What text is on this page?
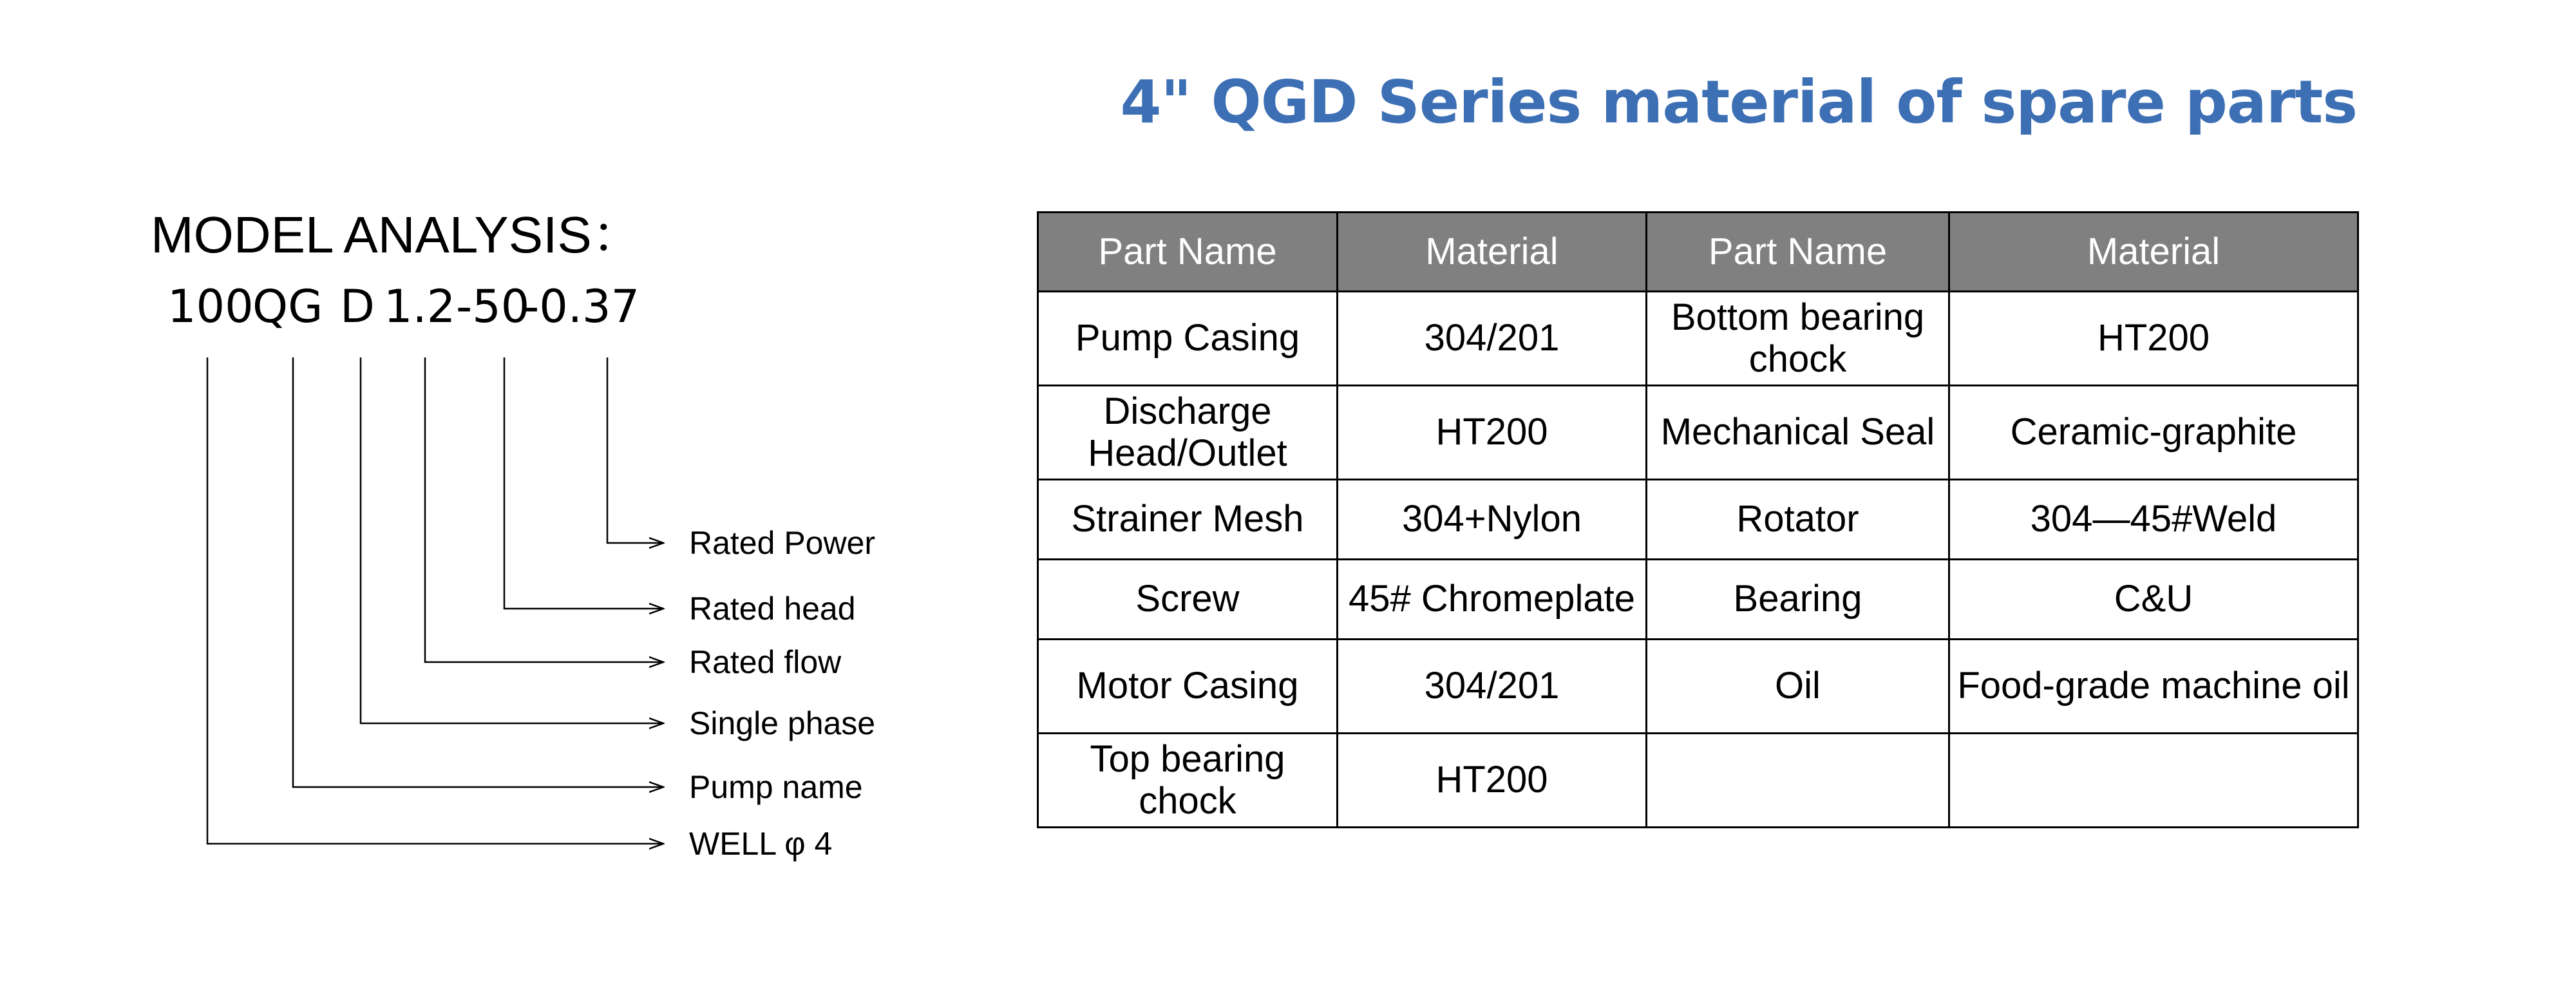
4" QGD Series material of spare parts
MODEL ANALYSIS：
100
QG D 1.2 -50
-0.37
Rated Power
Rated head
Rated flow
Single phase
Pump name
WELL φ 4
Part Name	Material	Part Name	Material
Pump Casing	304/201	Bottom bearing chock	HT200
Discharge Head/Outlet	HT200	Mechanical Seal	Ceramic-graphite
Strainer Mesh	304+Nylon	Rotator	304—45#Weld
Screw	45# Chromeplate	Bearing	C&U
Motor Casing	304/201	Oil	Food-grade machine oil
Top bearing chock	HT200		
